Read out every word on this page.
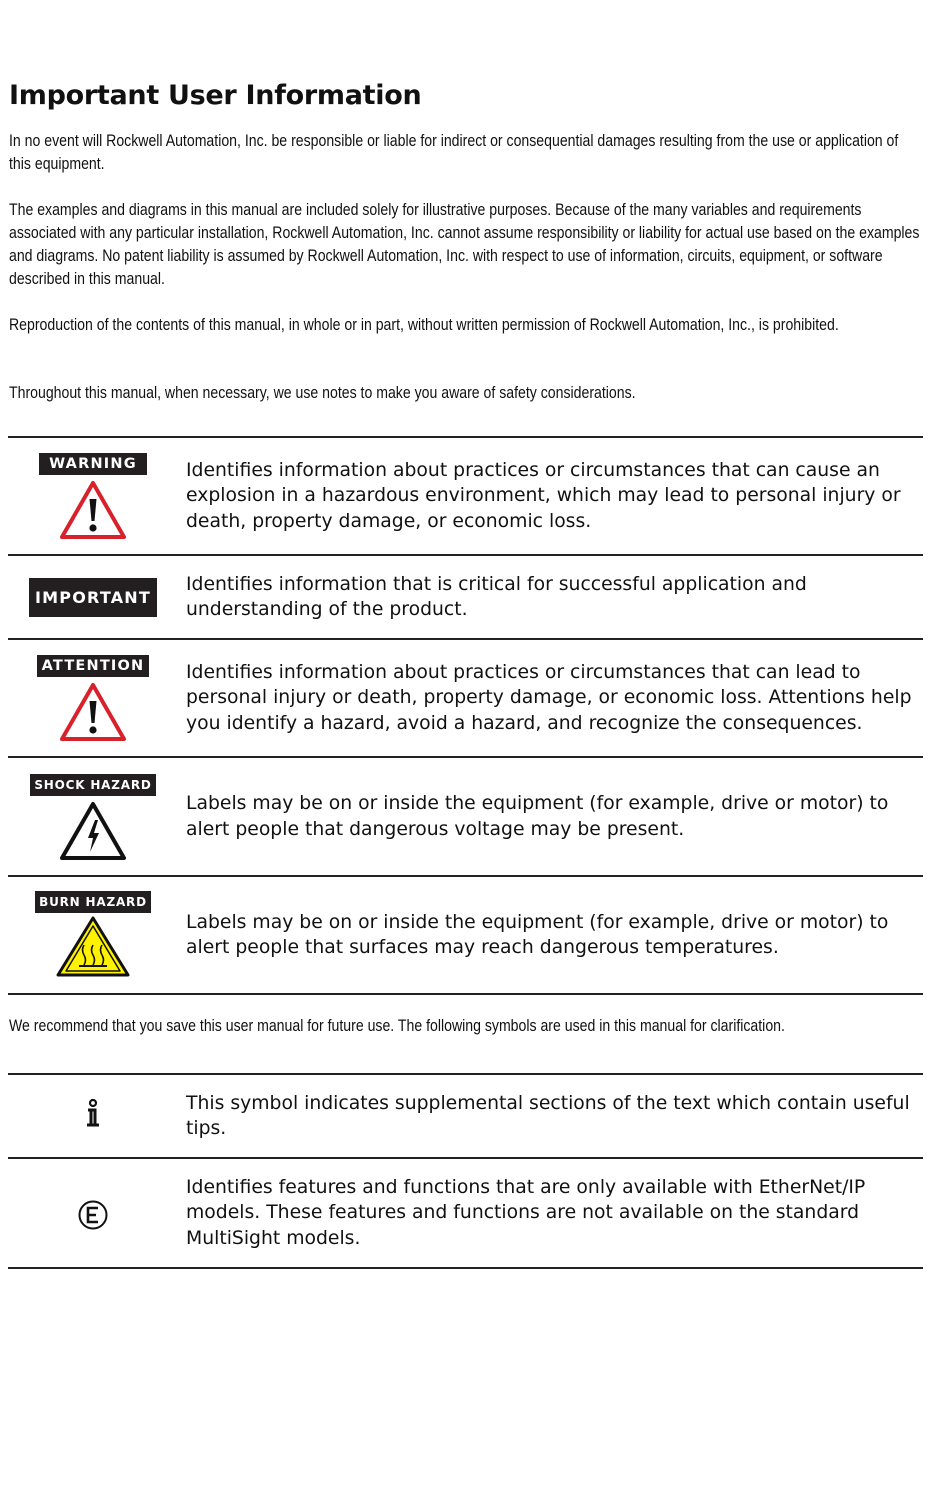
Important User Information

In no event will Rockwell Automation, Inc. be responsible or liable for indirect or consequential damages resulting from the use or application of this equipment.

The examples and diagrams in this manual are included solely for illustrative purposes. Because of the many variables and requirements associated with any particular installation, Rockwell Automation, Inc. cannot assume responsibility or liability for actual use based on the examples and diagrams. No patent liability is assumed by Rockwell Automation, Inc. with respect to use of information, circuits, equipment, or software described in this manual.

Reproduction of the contents of this manual, in whole or in part, without written permission of Rockwell Automation, Inc., is prohibited.

Throughout this manual, when necessary, we use notes to make you aware of safety considerations.

WARNING	Identifies information about practices or circumstances that can cause an explosion in a hazardous environment, which may lead to personal injury or death, property damage, or economic loss.
IMPORTANT	Identifies information that is critical for successful application and understanding of the product.

ATTENTION	Identifies information about practices or circumstances that can lead to personal injury or death, property damage, or economic loss. Attentions help you identify a hazard, avoid a hazard, and recognize the consequences.

SHOCK HAZARD	Labels may be on or inside the equipment (for example, drive or motor) to alert people that dangerous voltage may be present.

BURN HAZARD	Labels may be on or inside the equipment (for example, drive or motor) to alert people that surfaces may reach dangerous temperatures.

We recommend that you save this user manual for future use. The following symbols are used in this manual for clarification.

	This symbol indicates supplemental sections of the text which contain useful tips.
	Identifies features and functions that are only available with EtherNet/IP models. These features and functions are not available on the standard MultiSight models.
